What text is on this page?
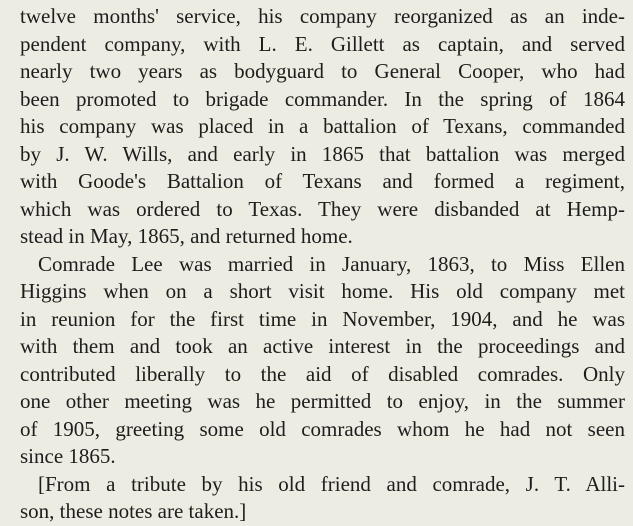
twelve months' service, his company reorganized as an inde-
pendent company, with L. E. Gillett as captain, and served
nearly two years as bodyguard to General Cooper, who had
been promoted to brigade commander. In the spring of 1864
his company was placed in a battalion of Texans, commanded
by J. W. Wills, and early in 1865 that battalion was merged
with Goode's Battalion of Texans and formed a regiment,
which was ordered to Texas. They were disbanded at Hemp-
stead in May, 1865, and returned home.
Comrade Lee was married in January, 1863, to Miss Ellen
Higgins when on a short visit home. His old company met
in reunion for the first time in November, 1904, and he was
with them and took an active interest in the proceedings and
contributed liberally to the aid of disabled comrades. Only
one other meeting was he permitted to enjoy, in the summer
of 1905, greeting some old comrades whom he had not seen
since 1865.
[From a tribute by his old friend and comrade, J. T. Alli-
son, these notes are taken.]
